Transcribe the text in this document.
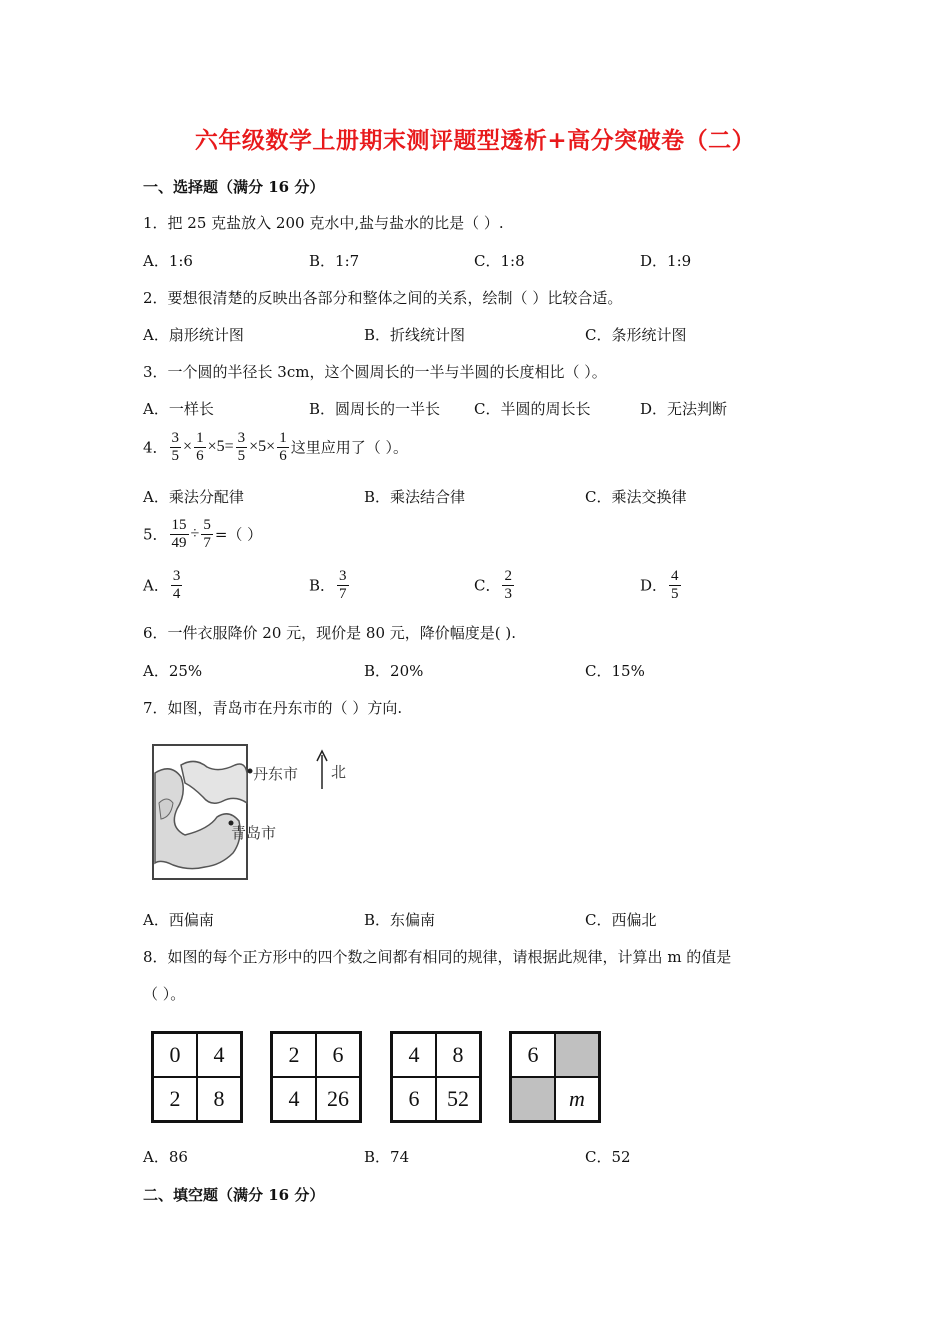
六年级数学上册期末测评题型透析+高分突破卷（二）
一、选择题（满分 16 分）
1．把 25 克盐放入 200 克水中,盐与盐水的比是（ ）.
A．1:6	B．1:7	C．1:8	D．1:9
2．要想很清楚的反映出各部分和整体之间的关系，绘制（ ）比较合适。
A．扇形统计图	B．折线统计图	C．条形统计图
3．一个圆的半径长 3cm，这个圆周长的一半与半圆的长度相比（ ）。
A．一样长	B．圆周长的一半长 C．半圆的周长长	D．无法判断
4． $\frac{3}{5} \times \frac{1}{6} \times 5= \frac{3}{5} \times 5\times \frac{1}{6}$ 这里应用了（ ）。
A．乘法分配律	B．乘法结合律	C．乘法交换律
5． $\frac{15}{49} \div \frac{5}{7}$ =（ ）
A． $\frac{3}{4}$	B． $\frac{3}{7}$	C． $\frac{2}{3}$	D． $\frac{4}{5}$
6．一件衣服降价 20 元，现价是 80 元，降价幅度是( ).
A．25%	B．20%	C．15%
7．如图，青岛市在丹东市的（ ）方向.
丹东市
青岛市
北
A．西偏南	B．东偏南	C．西偏北
8．如图的每个正方形中的四个数之间都有相同的规律，请根据此规律，计算出 m 的值是
（ ）。
0	4
2	8
2	6
4	26
4	8
6	52
6
m
A．86	B．74	C．52
二、填空题（满分 16 分）
